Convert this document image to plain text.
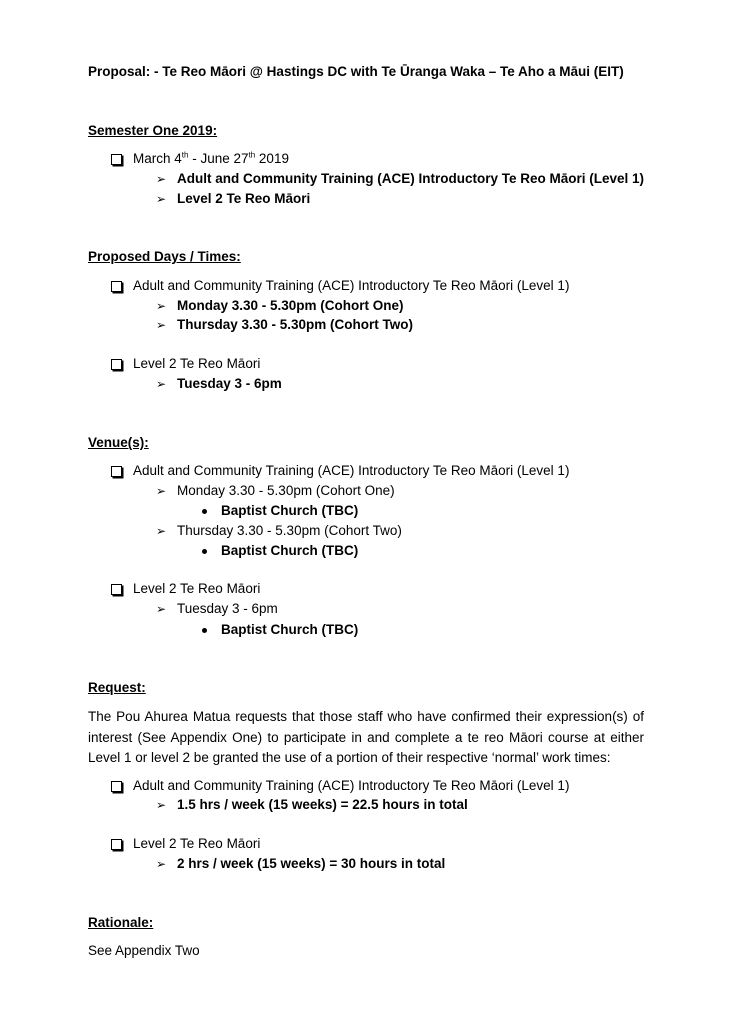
Proposal: - Te Reo Māori @ Hastings DC with Te Ūranga Waka – Te Aho a Māui (EIT)
Semester One 2019:
March 4th - June 27th 2019
➢ Adult and Community Training (ACE) Introductory Te Reo Māori (Level 1)
➢ Level 2 Te Reo Māori
Proposed Days / Times:
Adult and Community Training (ACE) Introductory Te Reo Māori (Level 1)
➢ Monday 3.30 - 5.30pm (Cohort One)
➢ Thursday 3.30 - 5.30pm (Cohort Two)
Level 2 Te Reo Māori
➢ Tuesday 3 - 6pm
Venue(s):
Adult and Community Training (ACE) Introductory Te Reo Māori (Level 1)
➢ Monday 3.30 - 5.30pm (Cohort One)
Baptist Church (TBC)
➢ Thursday 3.30 - 5.30pm (Cohort Two)
Baptist Church (TBC)
Level 2 Te Reo Māori
➢ Tuesday 3 - 6pm
Baptist Church (TBC)
Request:
The Pou Ahurea Matua requests that those staff who have confirmed their expression(s) of interest (See Appendix One) to participate in and complete a te reo Māori course at either Level 1 or level 2 be granted the use of a portion of their respective ‘normal’ work times:
Adult and Community Training (ACE) Introductory Te Reo Māori (Level 1)
➢ 1.5 hrs / week (15 weeks) = 22.5 hours in total
Level 2 Te Reo Māori
➢ 2 hrs / week (15 weeks) = 30 hours in total
Rationale:
See Appendix Two
